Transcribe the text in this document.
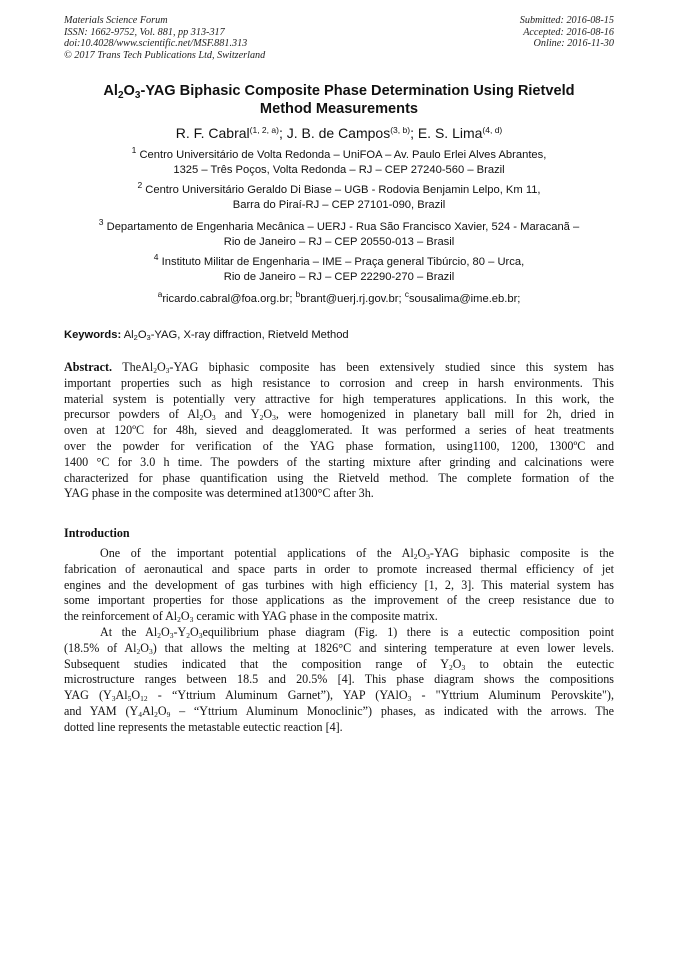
Materials Science Forum
ISSN: 1662-9752, Vol. 881, pp 313-317
doi:10.4028/www.scientific.net/MSF.881.313
© 2017 Trans Tech Publications Ltd, Switzerland
Submitted: 2016-08-15
Accepted: 2016-08-16
Online: 2016-11-30
$Al_2O_3$-YAG Biphasic Composite Phase Determination Using Rietveld
Method Measurements
R. F. Cabral$^{(1, 2, a)}$; J. B. de Campos$^{(3, b)}$; E. S. Lima$^{(4, d)}$
$^1$ Centro Universitário de Volta Redonda – UniFOA – Av. Paulo Erlei Alves Abrantes,
1325 – Três Poços, Volta Redonda – RJ – CEP 27240-560 – Brazil
$^2$ Centro Universitário Geraldo Di Biase – UGB - Rodovia Benjamin Lelpo, Km 11,
Barra do Piraí-RJ – CEP 27101-090, Brazil
$^3$ Departamento de Engenharia Mecânica – UERJ - Rua São Francisco Xavier, 524 - Maracanã –
Rio de Janeiro – RJ – CEP 20550-013 – Brasil
$^4$ Instituto Militar de Engenharia – IME – Praça general Tibúrcio, 80 – Urca,
Rio de Janeiro – RJ – CEP 22290-270 – Brazil
$^a$ricardo.cabral@foa.org.br; $^b$brant@uerj.rj.gov.br; $^c$sousalima@ime.eb.br;
Keywords: $Al_2O_3$-YAG, X-ray diffraction, Rietveld Method
Abstract. $TheAl_2O_3$-YAG biphasic composite has been extensively studied since this system has
important properties such as high resistance to corrosion and creep in harsh environments. This
material system is potentially very attractive for high temperatures applications. In this work, the
precursor powders of $Al_2O_3$ and $Y_2O_3$, were homogenized in planetary ball mill for 2h, dried in
oven at 120ºC for 48h, sieved and deagglomerated. It was performed a series of heat treatments
over the powder for verification of the YAG phase formation, using1100, 1200, 1300ºC and
1400 °C for 3.0 h time. The powders of the starting mixture after grinding and calcinations were
characterized for phase quantification using the Rietveld method. The complete formation of the
YAG phase in the composite was determined at1300°C after 3h.
Introduction
One of the important potential applications of the $Al_2O_3$-YAG biphasic composite is the
fabrication of aeronautical and space parts in order to promote increased thermal efficiency of jet
engines and the development of gas turbines with high efficiency [1, 2, 3]. This material system has
some important properties for those applications as the improvement of the creep resistance due to
the reinforcement of $Al_2O_3$ ceramic with YAG phase in the composite matrix.
At the $Al_2O_3-Y_2O_3equilibrium$ phase diagram (Fig. 1) there is a eutectic composition point
(18.5% of $Al_2O_3$) that allows the melting at 1826°C and sintering temperature at even lower levels.
Subsequent studies indicated that the composition range of $Y_2O_3$ to obtain the eutectic
microstructure ranges between 18.5 and 20.5% [4]. This phase diagram shows the compositions
YAG ($Y_3Al_5O_{12}$ - “Yttrium Aluminum Garnet”), YAP (YAlO$_3$ - "Yttrium Aluminum Perovskite"),
and YAM ($Y_4Al_2O_9$ – “Yttrium Aluminum Monoclinic”) phases, as indicated with the arrows. The
dotted line represents the metastable eutectic reaction [4].
